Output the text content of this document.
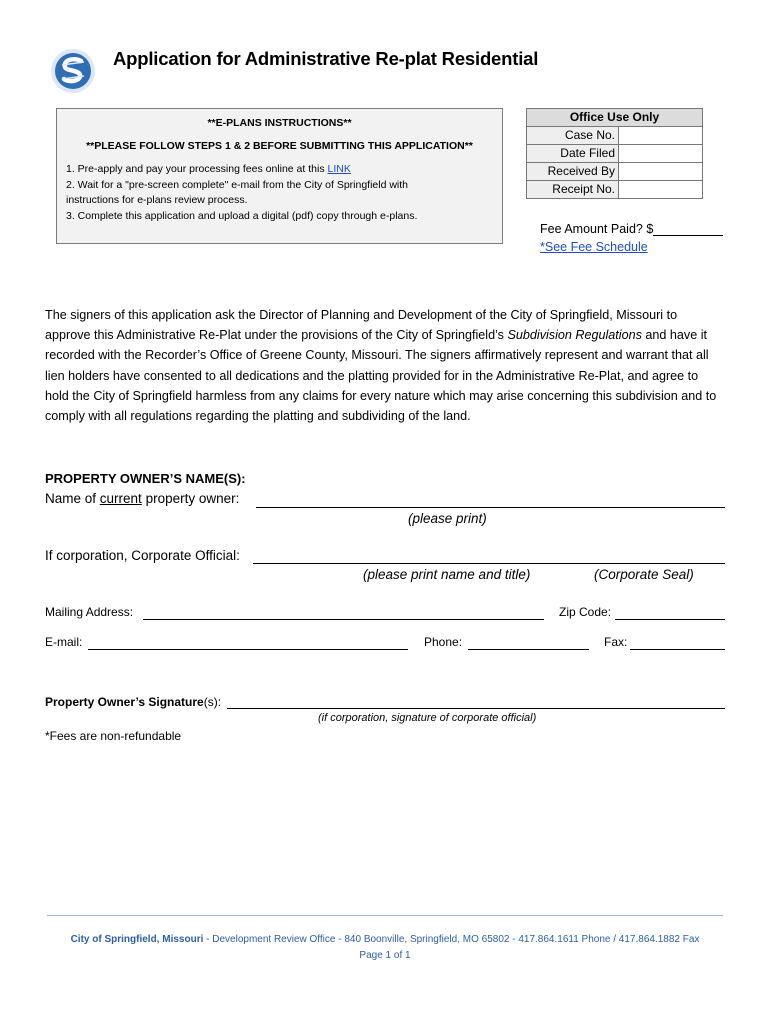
Application for Administrative Re-plat Residential
**E-PLANS INSTRUCTIONS**
**PLEASE FOLLOW STEPS 1 & 2 BEFORE SUBMITTING THIS APPLICATION**
1. Pre-apply and pay your processing fees online at this LINK
2. Wait for a "pre-screen complete" e-mail from the City of Springfield with
instructions for e-plans review process.
3. Complete this application and upload a digital (pdf) copy through e-plans.
Office Use Only	
Case No.	
Date Filed	
Received By	
Receipt No.	
Fee Amount Paid? $
*See Fee Schedule
The signers of this application ask the Director of Planning and Development of the City of Springfield, Missouri to
approve this Administrative Re-Plat under the provisions of the City of Springfield’s Subdivision Regulations and have it
recorded with the Recorder’s Office of Greene County, Missouri. The signers affirmatively represent and warrant that all
lien holders have consented to all dedications and the platting provided for in the Administrative Re-Plat, and agree to
hold the City of Springfield harmless from any claims for every nature which may arise concerning this subdivision and to
comply with all regulations regarding the platting and subdividing of the land.
PROPERTY OWNER’S NAME(S):
Name of current property owner:
(please print)
If corporation, Corporate Official:
(please print name and title)	(Corporate Seal)
Mailing Address:	Zip Code:
E-mail:	Phone:	Fax:
Property Owner’s Signature(s):
(if corporation, signature of corporate official)
*Fees are non-refundable
City of Springfield, Missouri - Development Review Office - 840 Boonville, Springfield, MO 65802 - 417.864.1611 Phone / 417.864.1882 Fax
Page 1 of 1
